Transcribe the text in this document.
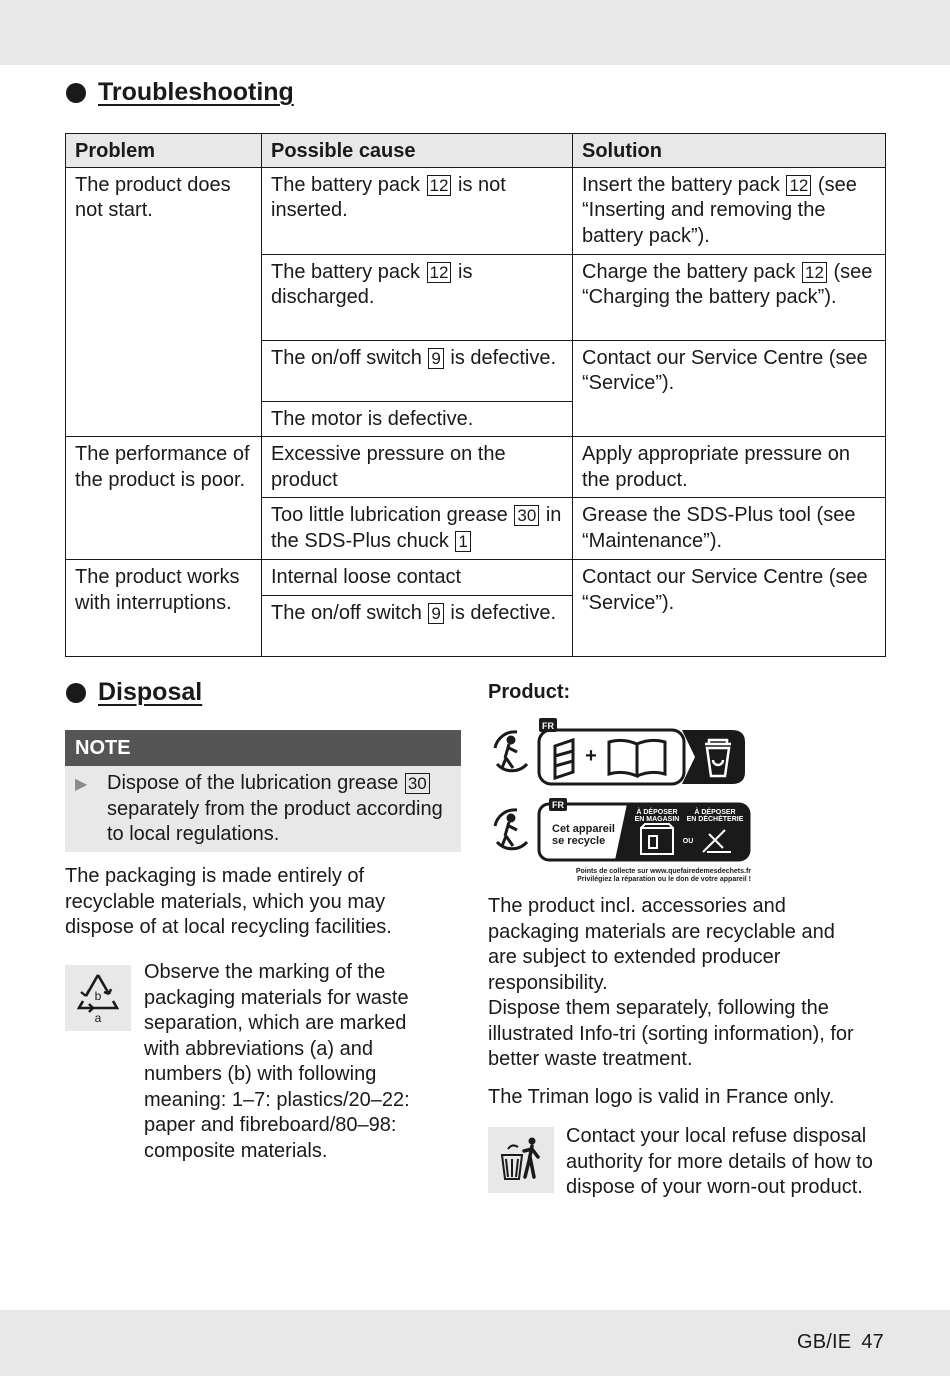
Troubleshooting
Problem	Possible cause	Solution
The product does not start.	The battery pack 12 is not inserted.	Insert the battery pack 12 (see “Inserting and removing the battery pack”).
	The battery pack 12 is discharged.	Charge the battery pack 12 (see “Charging the battery pack”).
	The on/off switch 9 is defective.	Contact our Service Centre (see “Service”).
	The motor is defective.	
The performance of the product is poor.	Excessive pressure on the product	Apply appropriate pressure on the product.
	Too little lubrication grease 30 in the SDS-Plus chuck 1	Grease the SDS-Plus tool (see “Maintenance”).
The product works with interruptions.	Internal loose contact	Contact our Service Centre (see “Service”).
	The on/off switch 9 is defective.	
Disposal
NOTE
▶ Dispose of the lubrication grease 30 separately from the product according to local regulations.
The packaging is made entirely of recyclable materials, which you may dispose of at local recycling facilities.
b
a
Observe the marking of the packaging materials for waste separation, which are marked with abbreviations (a) and numbers (b) with following meaning: 1–7: plastics/20–22: paper and fibreboard/80–98: composite materials.
Product:
FR
+
FR
Cet appareil
se recycle
À DÉPOSER
EN MAGASIN
À DÉPOSER
EN DÉCHÈTERIE
OU
Points de collecte sur www.quefairedemesdechets.fr
Privilégiez la réparation ou le don de votre appareil !
The product incl. accessories and packaging materials are recyclable and are subject to extended producer responsibility.
Dispose them separately, following the illustrated Info-tri (sorting information), for better waste treatment.
The Triman logo is valid in France only.
Contact your local refuse disposal authority for more details of how to dispose of your worn-out product.
GB/IE 47
